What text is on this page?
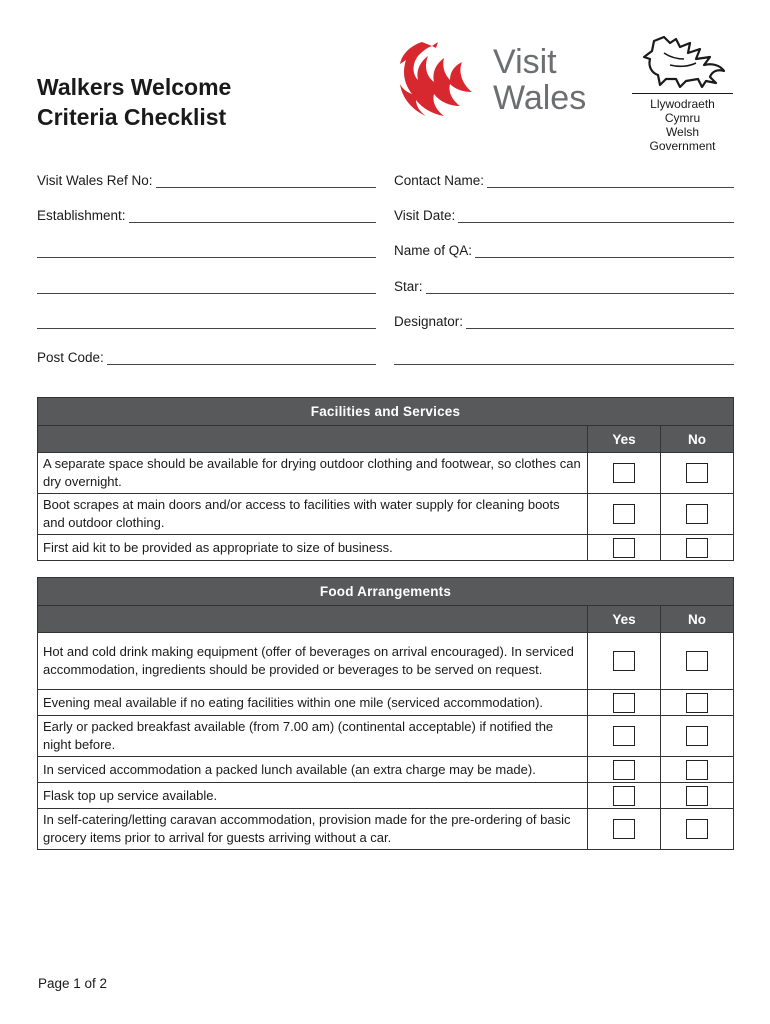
Walkers Welcome
Criteria Checklist
Visit
Wales	Llywodraeth Cymru
Welsh Government
Visit Wales Ref No:
Establishment:
Post Code:
Contact Name:
Visit Date:
Name of QA:
Star:
Designator:
Facilities and Services		
	Yes	No
A separate space should be available for drying outdoor clothing and footwear, so clothes can dry overnight.		
Boot scrapes at main doors and/or access to facilities with water supply for cleaning boots and outdoor clothing.		
First aid kit to be provided as appropriate to size of business.		
Food Arrangements		
	Yes	No
Hot and cold drink making equipment (offer of beverages on arrival encouraged). In serviced accommodation, ingredients should be provided or beverages to be served on request.		
Evening meal available if no eating facilities within one mile (serviced accommodation).		
Early or packed breakfast available (from 7.00 am) (continental acceptable) if notified the night before.		
In serviced accommodation a packed lunch available (an extra charge may be made).		
Flask top up service available.		
In self-catering/letting caravan accommodation, provision made for the pre-ordering of basic grocery items prior to arrival for guests arriving without a car.		
Page 1 of 2
